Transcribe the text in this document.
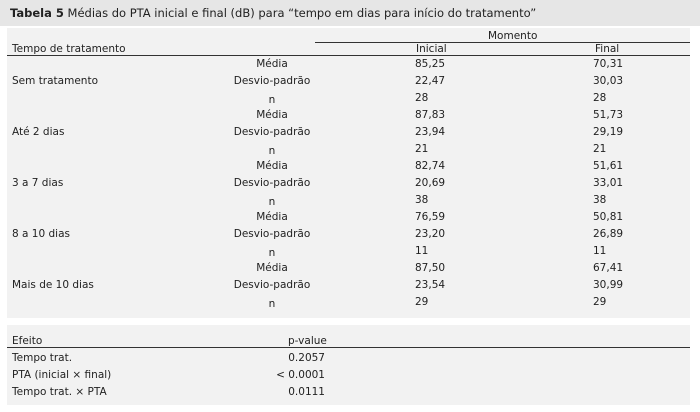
Tabela 5 Médias do PTA inicial e final (dB) para “tempo em dias para início do tratamento”
Momento
Tempo de tratamento	Inicial	Final
Sem tratamento
Média	85,25	70,31
Desvio-padrão	22,47	30,03
n	28	28
Até 2 dias
Média	87,83	51,73
Desvio-padrão	23,94	29,19
n	21	21
3 a 7 dias
Média	82,74	51,61
Desvio-padrão	20,69	33,01
n	38	38
8 a 10 dias
Média	76,59	50,81
Desvio-padrão	23,20	26,89
n	11	11
Mais de 10 dias
Média	87,50	67,41
Desvio-padrão	23,54	30,99
n	29	29
Efeito	p-value
Tempo trat.	0.2057
PTA (inicial × final)	< 0.0001
Tempo trat. × PTA	0.0111
